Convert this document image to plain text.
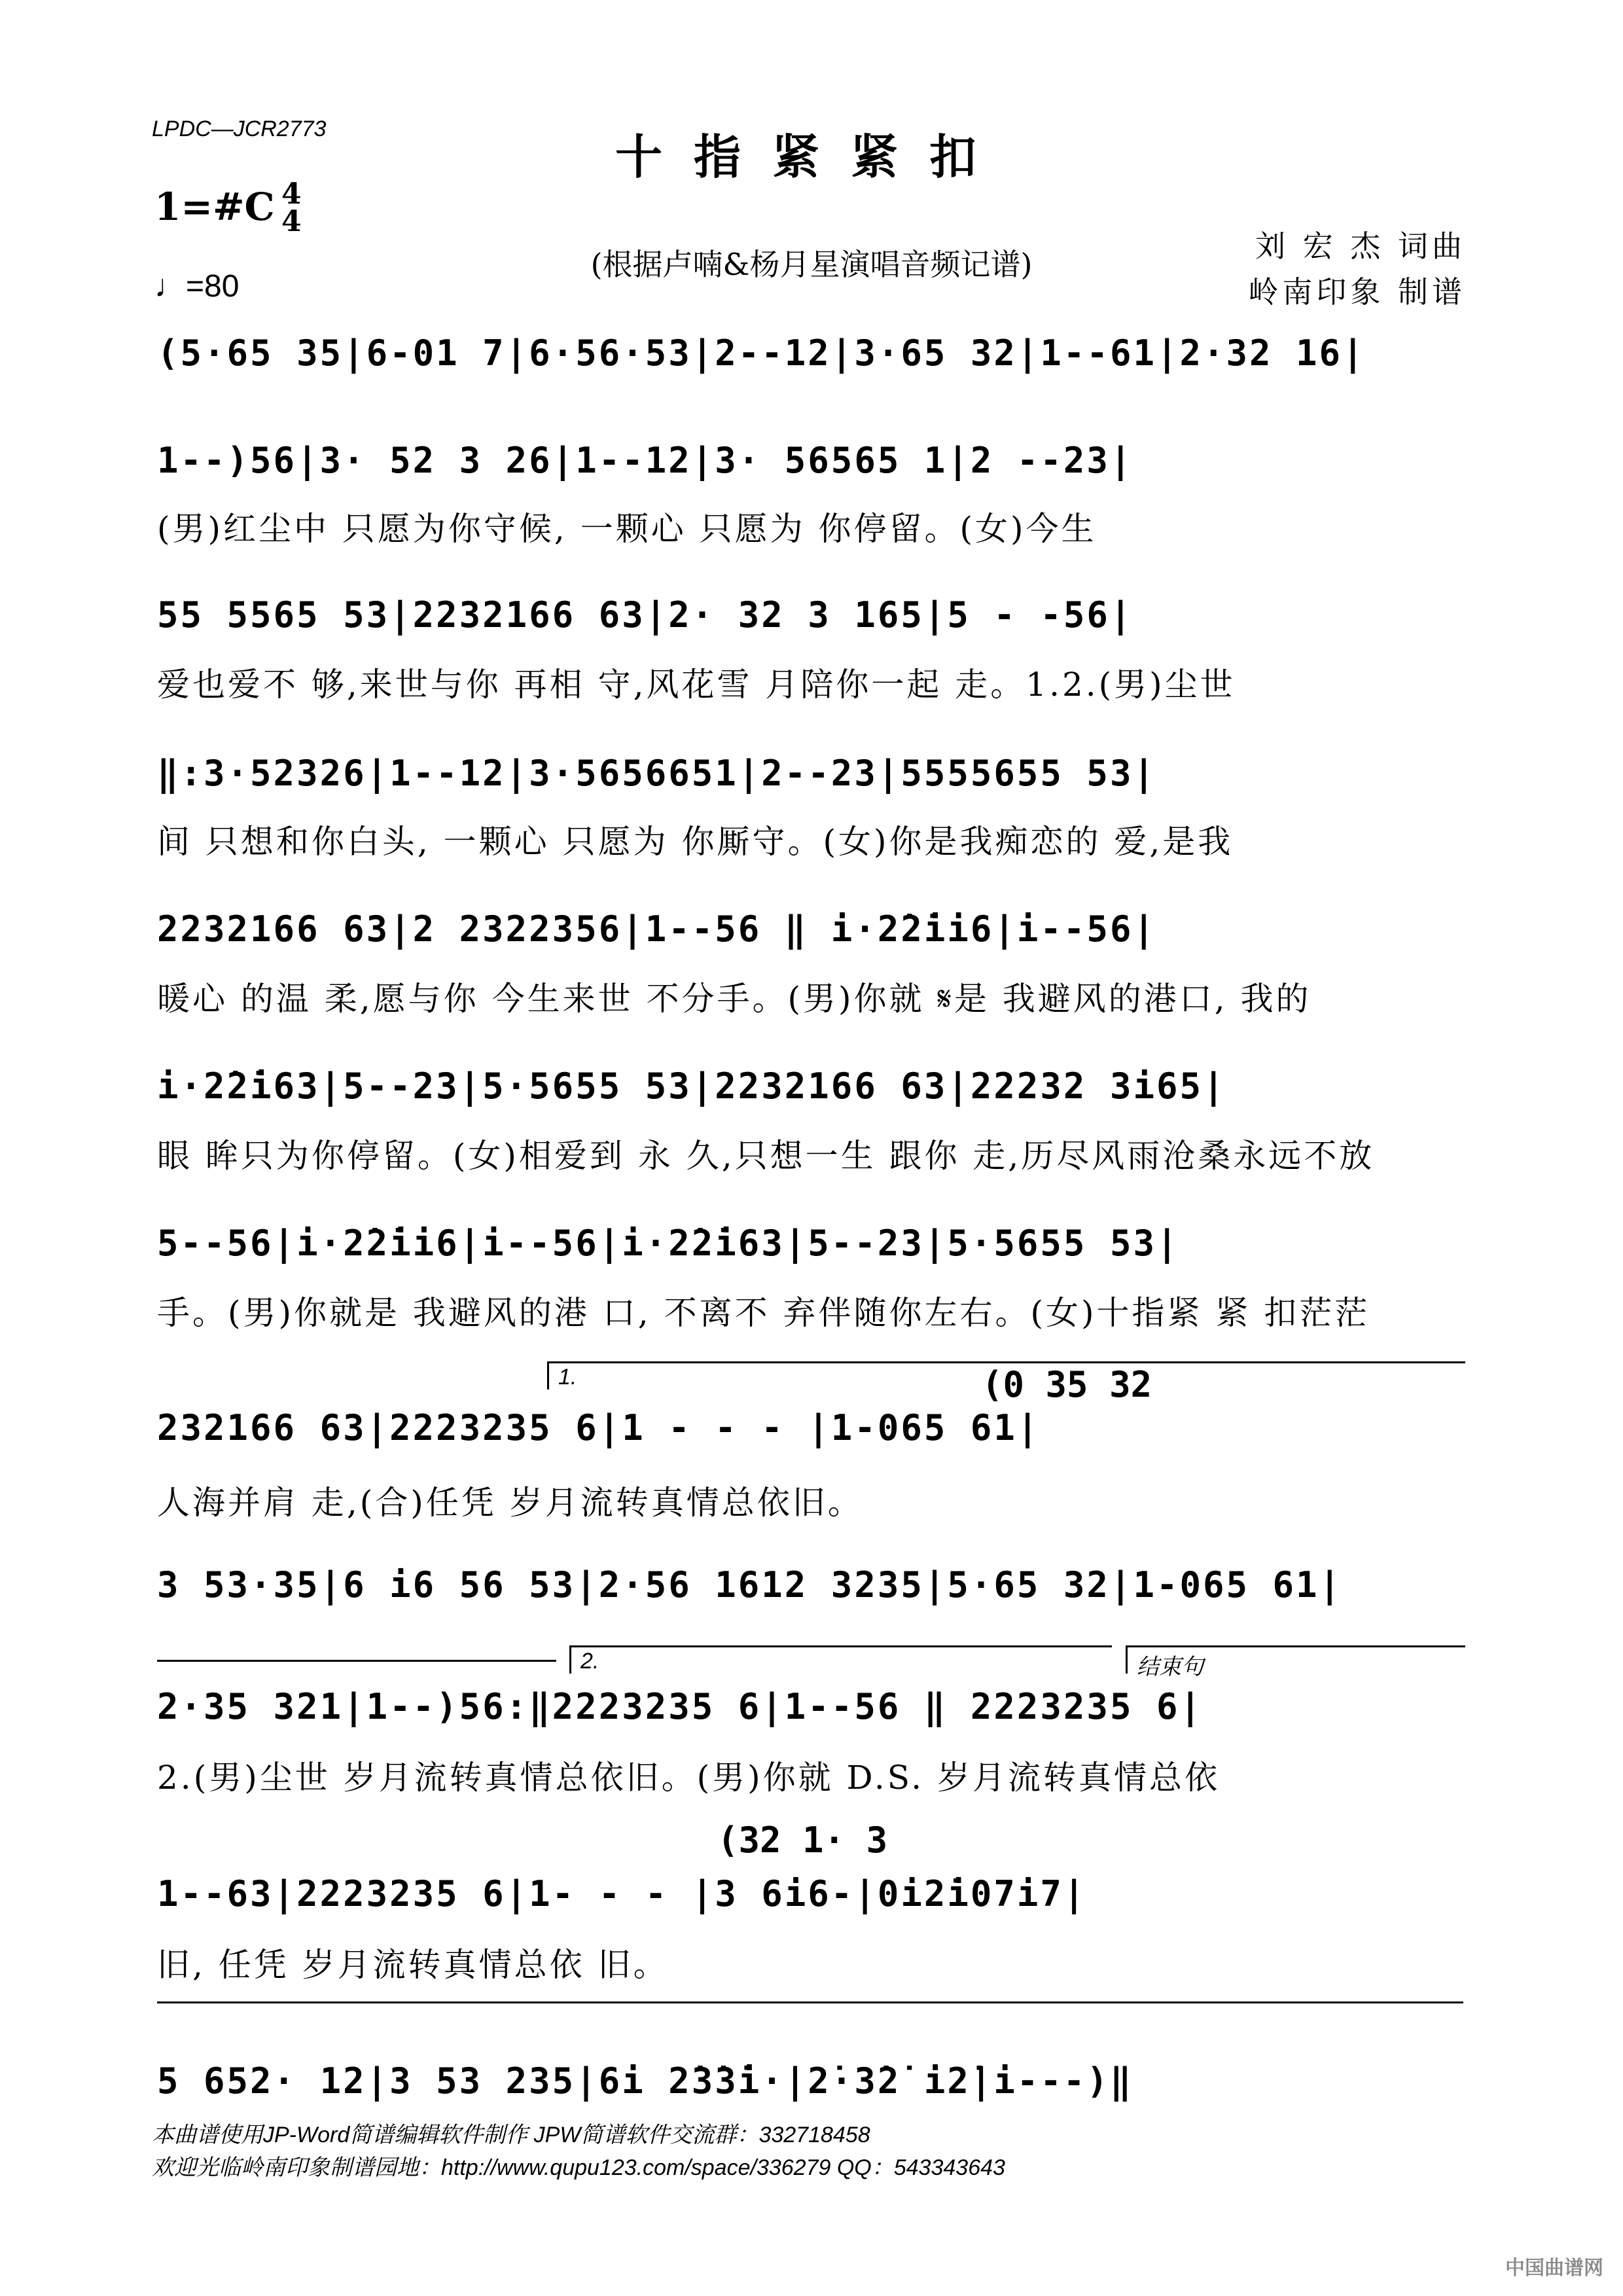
LPDC—JCR2773	十指紧紧扣
(根据卢喃&杨月星演唱音频记谱)
1=#C 4
4
♩=80
刘 宏 杰 词曲
岭南印象 制谱
(5·65 35|6-01 7|6·56·53|2--12|3·65 32|1--61|2·32 16|
1--)56|3· 52 3 26|1--12|3· 56565 1|2 --23|
(男)红尘中 只愿为你守候, 一颗心 只愿为 你停留。(女)今生
55 5565 53|2232166 63|2· 32 3 165|5 - -56|
爱也爱不 够,来世与你 再相 守,风花雪 月陪你一起 走。1.2.(男)尘世
‖:3·52326|1--12|3·5656651|2--23|5555655 53|
间 只想和你白头, 一颗心 只愿为 你厮守。(女)你是我痴恋的 爱,是我
2232166 63|2 2322356|1--56 ‖ i·2̇2̇ii6|i--56|
暖心 的温 柔,愿与你 今生来世 不分手。(男)你就 𝄋是 我避风的港口, 我的
i·2̇2̇i63|5--23|5·5655 53|2232166 63|22232 3i65|
眼 眸只为你停留。(女)相爱到 永 久,只想一生 跟你 走,历尽风雨沧桑永远不放
5--56|i·2̇2̇ii6|i--56|i·2̇2̇i63|5--23|5·5655 53|
手。(男)你就是 我避风的港 口, 不离不 弃伴随你左右。(女)十指紧 紧 扣茫茫
1.	(0 35 32
232166 63|2223235 6|1 - - - |1-065 61|
人海并肩 走,(合)任凭 岁月流转真情总依旧。
3 53·35|6 i6 56 53|2·56 1612 3235|5·65 32|1-065 61|
2.	结束句
2·35 321|1--)56:‖2223235 6|1--56 ‖ 2223235 6|
2.(男)尘世 岁月流转真情总依旧。(男)你就 D.S. 岁月流转真情总依
(32 1· 3
1--63|2223235 6|1- - - |3 6i6-|0i2̇i07i7|
旧, 任凭 岁月流转真情总依 旧。
5 652· 12|3 53 235|6i 2̇3̇3̇i·|2̇·3̇2̇ i2̇|i---)‖
本曲谱使用JP-Word简谱编辑软件制作 JPW简谱软件交流群：332718458
欢迎光临岭南印象制谱园地：http://www.qupu123.com/space/336279 QQ：543343643
中国曲谱网
